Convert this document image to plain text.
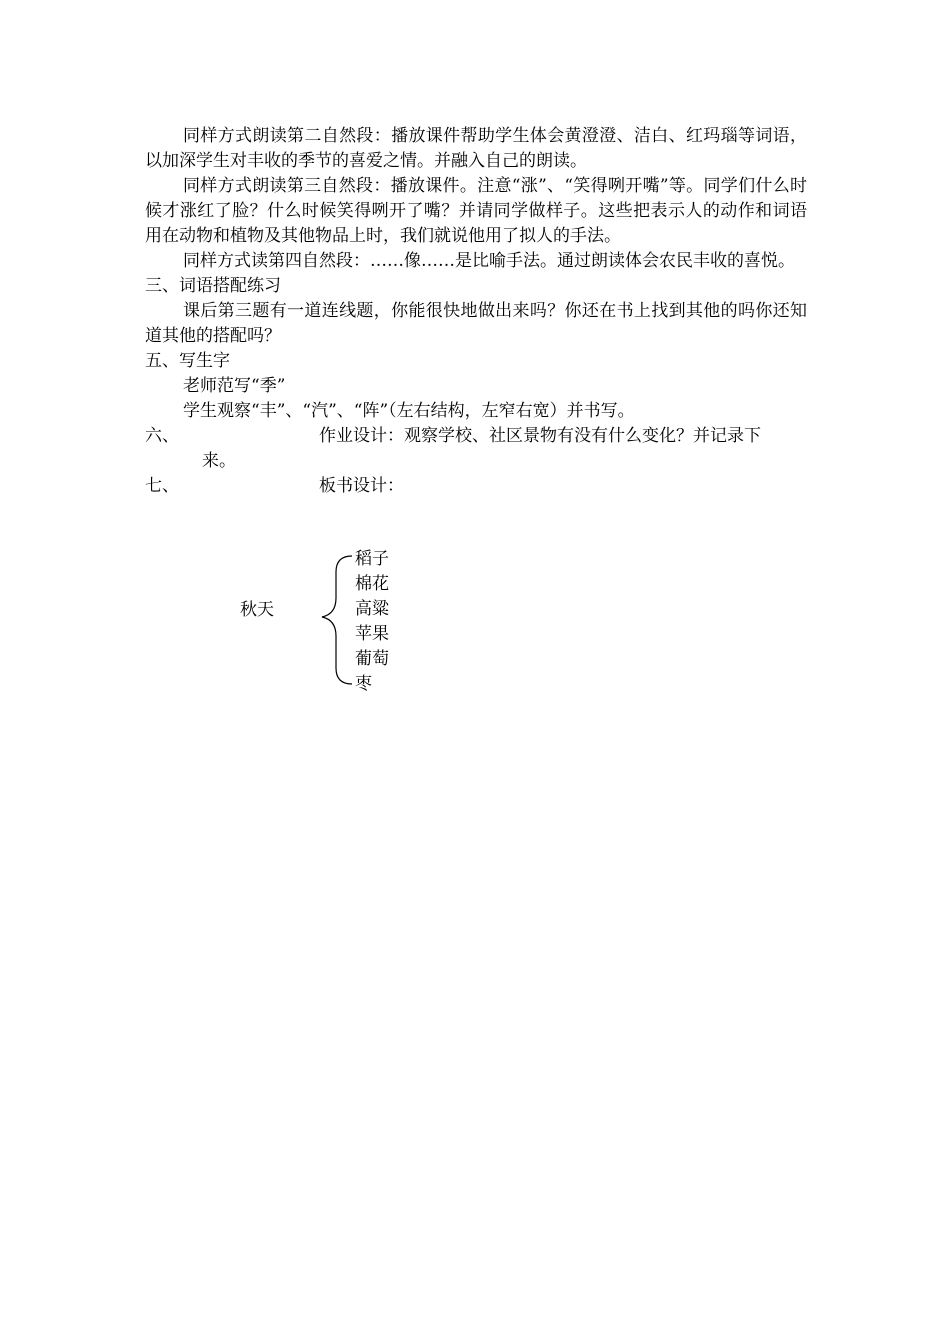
同样方式朗读第二自然段：播放课件帮助学生体会黄澄澄、洁白、红玛瑙等词语，以加深学生对丰收的季节的喜爱之情。并融入自己的朗读。

同样方式朗读第三自然段：播放课件。注意“涨”、“笑得咧开嘴”等。同学们什么时候才涨红了脸？什么时候笑得咧开了嘴？并请同学做样子。这些把表示人的动作和词语用在动物和植物及其他物品上时，我们就说他用了拟人的手法。

同样方式读第四自然段：……像……是比喻手法。通过朗读体会农民丰收的喜悦。

三、词语搭配练习

课后第三题有一道连线题，你能很快地做出来吗？你还在书上找到其他的吗你还知道其他的搭配吗？

五、写生字

老师范写“季”

学生观察“丰”、“汽”、“阵”（左右结构，左窄右宽）并书写。

六、	作业设计：观察学校、社区景物有没有什么变化？并记录下
来。
七、	板书设计：
秋天
稻子
棉花
高粱
苹果
葡萄
枣
